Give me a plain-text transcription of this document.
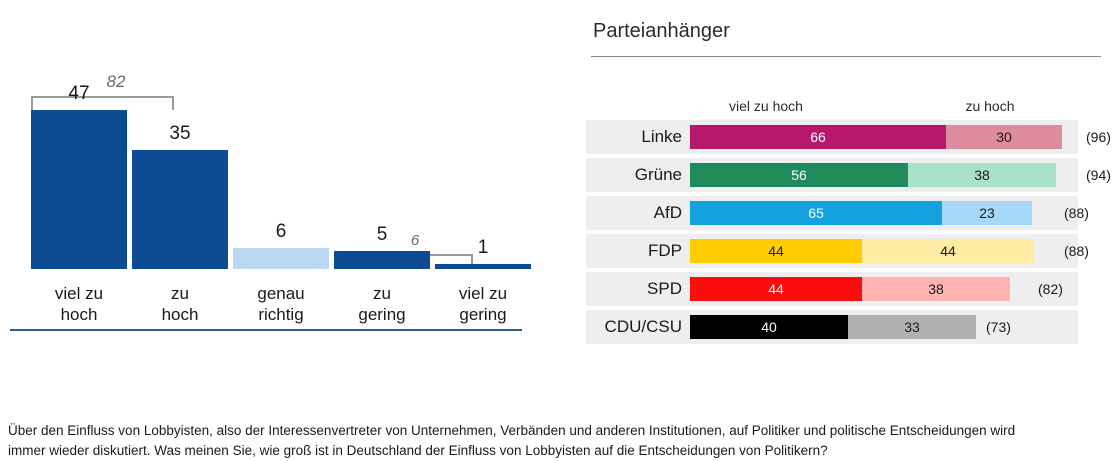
82
6
47
viel zu
hoch
35
zu
hoch
6
genau
richtig
5
zu
gering
1
viel zu
gering
Parteianhänger
viel zu hoch	zu hoch
Linke	66	30	(96)
Grüne	56	38	(94)
AfD	65	23	(88)
FDP	44	44	(88)
SPD	44	38	(82)
CDU/CSU	40	33	(73)
Über den Einfluss von Lobbyisten, also der Interessenvertreter von Unternehmen, Verbänden und anderen Institutionen, auf Politiker und politische Entscheidungen wird
immer wieder diskutiert. Was meinen Sie, wie groß ist in Deutschland der Einfluss von Lobbyisten auf die Entscheidungen von Politikern?
